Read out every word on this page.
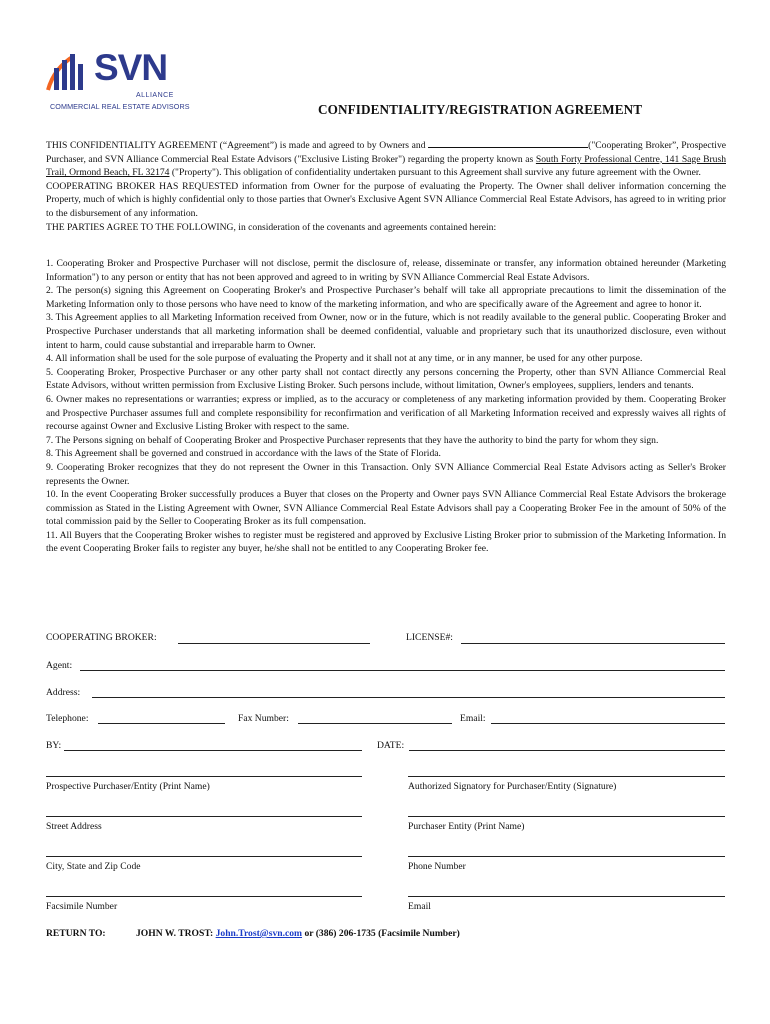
SVN
ALLIANCE
COMMERCIAL REAL ESTATE ADVISORS	CONFIDENTIALITY/REGISTRATION AGREEMENT

THIS CONFIDENTIALITY AGREEMENT (“Agreement”) is made and agreed to by Owners and	("Cooperating Broker”, Prospective Purchaser, and SVN Alliance Commercial Real Estate Advisors ("Exclusive Listing Broker") regarding the property known as South Forty Professional Centre, 141 Sage Brush Trail, Ormond Beach, FL 32174 ("Property"). This obligation of confidentiality undertaken pursuant to this Agreement shall survive any future agreement with the Owner.

COOPERATING BROKER HAS REQUESTED information from Owner for the purpose of evaluating the Property. The Owner shall deliver information concerning the Property, much of which is highly confidential only to those parties that Owner's Exclusive Agent SVN Alliance Commercial Real Estate Advisors, has agreed to in writing prior to the disbursement of any information.

THE PARTIES AGREE TO THE FOLLOWING, in consideration of the covenants and agreements contained herein:

1. Cooperating Broker and Prospective Purchaser will not disclose, permit the disclosure of, release, disseminate or transfer, any information obtained hereunder (Marketing Information") to any person or entity that has not been approved and agreed to in writing by SVN Alliance Commercial Real Estate Advisors.

2. The person(s) signing this Agreement on Cooperating Broker's and Prospective Purchaser’s behalf will take all appropriate precautions to limit the dissemination of the Marketing Information only to those persons who have need to know of the marketing information, and who are specifically aware of the Agreement and agree to honor it.

3. This Agreement applies to all Marketing Information received from Owner, now or in the future, which is not readily available to the general public. Cooperating Broker and Prospective Purchaser understands that all marketing information shall be deemed confidential, valuable and proprietary such that its unauthorized disclosure, even without intent to harm, could cause substantial and irreparable harm to Owner.

4. All information shall be used for the sole purpose of evaluating the Property and it shall not at any time, or in any manner, be used for any other purpose.

5. Cooperating Broker, Prospective Purchaser or any other party shall not contact directly any persons concerning the Property, other than SVN Alliance Commercial Real Estate Advisors, without written permission from Exclusive Listing Broker. Such persons include, without limitation, Owner's employees, suppliers, lenders and tenants.

6. Owner makes no representations or warranties; express or implied, as to the accuracy or completeness of any marketing information provided by them. Cooperating Broker and Prospective Purchaser assumes full and complete responsibility for reconfirmation and verification of all Marketing Information received and expressly waives all rights of recourse against Owner and Exclusive Listing Broker with respect to the same.

7. The Persons signing on behalf of Cooperating Broker and Prospective Purchaser represents that they have the authority to bind the party for whom they sign.

8. This Agreement shall be governed and construed in accordance with the laws of the State of Florida.

9. Cooperating Broker recognizes that they do not represent the Owner in this Transaction. Only SVN Alliance Commercial Real Estate Advisors acting as Seller's Broker represents the Owner.

10. In the event Cooperating Broker successfully produces a Buyer that closes on the Property and Owner pays SVN Alliance Commercial Real Estate Advisors the brokerage commission as Stated in the Listing Agreement with Owner, SVN Alliance Commercial Real Estate Advisors shall pay a Cooperating Broker Fee in the amount of 50% of the total commission paid by the Seller to Cooperating Broker as its full compensation.

11. All Buyers that the Cooperating Broker wishes to register must be registered and approved by Exclusive Listing Broker prior to submission of the Marketing Information. In the event Cooperating Broker fails to register any buyer, he/she shall not be entitled to any Cooperating Broker fee.

COOPERATING BROKER:	LICENSE#:
Agent:
Address:
Telephone:	Fax Number:	Email:
BY:	DATE:
Prospective Purchaser/Entity (Print Name)	Authorized Signatory for Purchaser/Entity (Signature)
Street Address	Purchaser Entity (Print Name)
City, State and Zip Code	Phone Number
Facsimile Number	Email
RETURN TO:	JOHN W. TROST: John.Trost@svn.com or (386) 206-1735 (Facsimile Number)
